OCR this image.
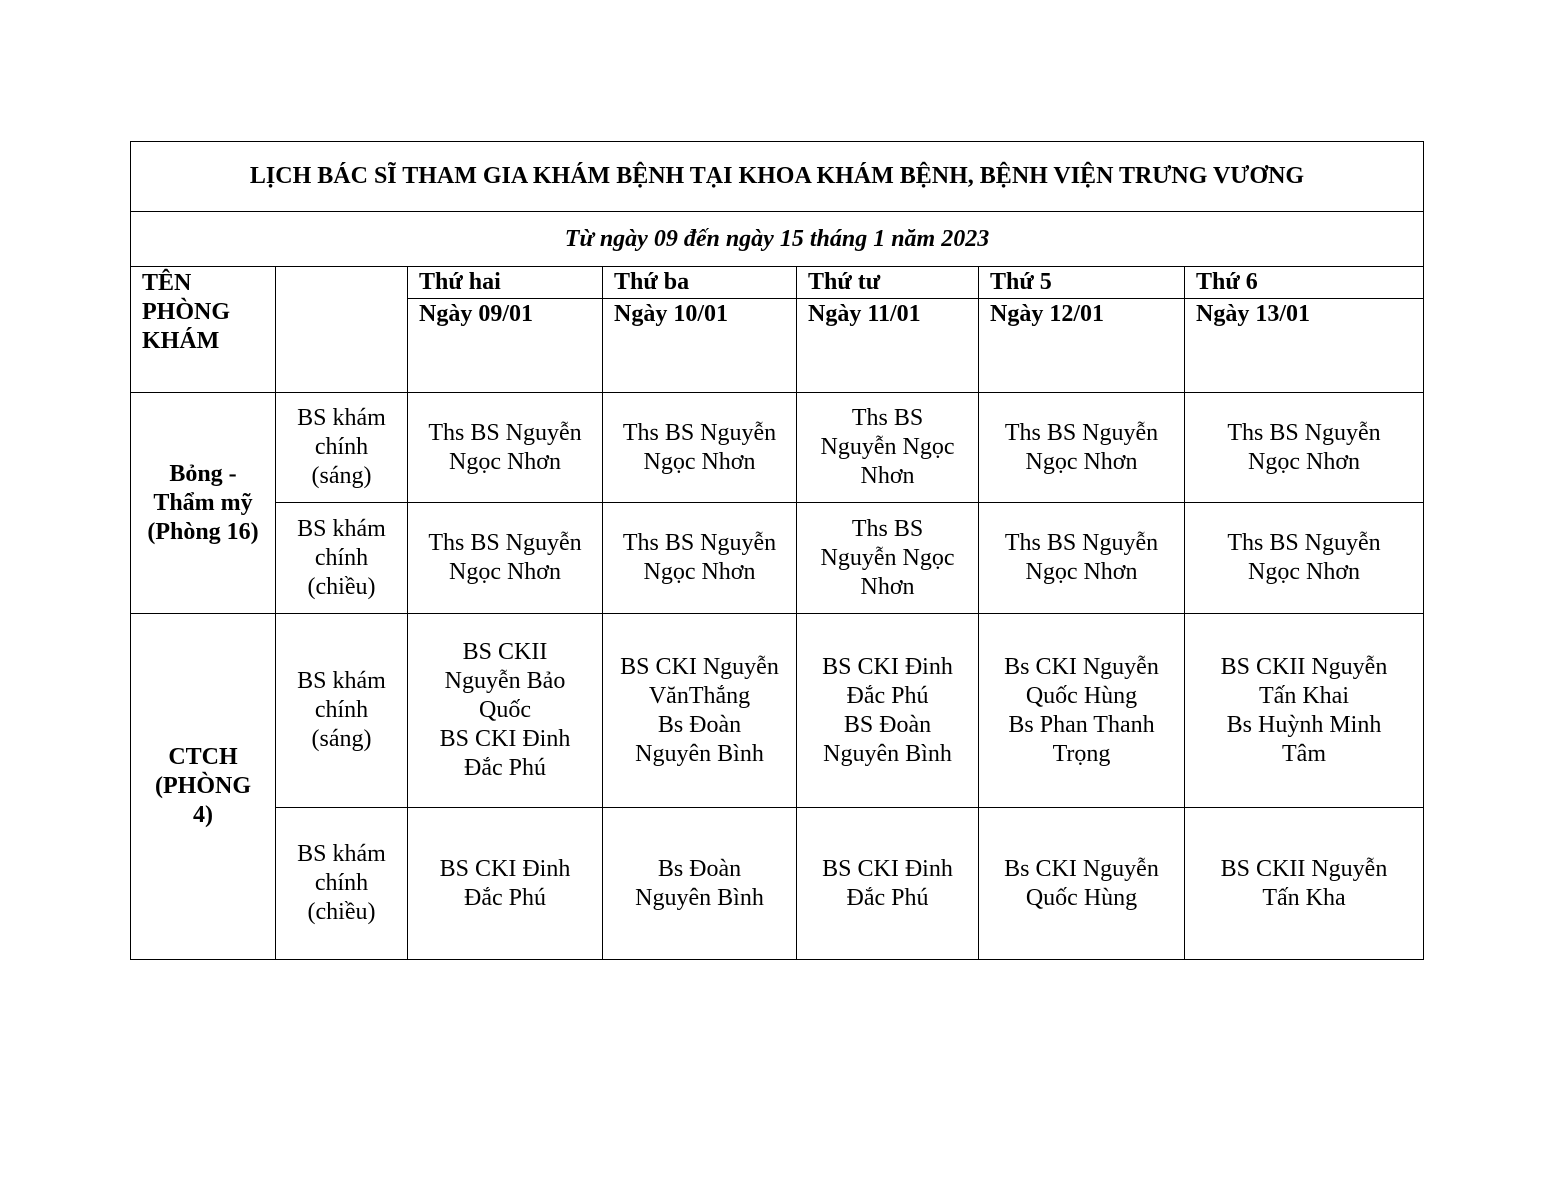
LỊCH BÁC SĨ THAM GIA KHÁM BỆNH TẠI KHOA KHÁM BỆNH, BỆNH VIỆN TRƯNG VƯƠNG						
Từ ngày 09 đến ngày 15 tháng 1 năm 2023						

TÊN
PHÒNG
KHÁM		Thứ hai	Thứ ba	Thứ tư	Thứ 5	Thứ 6
		Ngày 09/01	Ngày 10/01	Ngày 11/01	Ngày 12/01	Ngày 13/01

Bỏng -
Thẩm mỹ
(Phòng 16)	BS khám
chính
(sáng)	Ths BS Nguyễn
Ngọc Nhơn	Ths BS Nguyễn
Ngọc Nhơn	Ths BS
Nguyễn Ngọc
Nhơn	Ths BS Nguyễn
Ngọc Nhơn	Ths BS Nguyễn
Ngọc Nhơn

	BS khám
chính
(chiều)	Ths BS Nguyễn
Ngọc Nhơn	Ths BS Nguyễn
Ngọc Nhơn	Ths BS
Nguyễn Ngọc
Nhơn	Ths BS Nguyễn
Ngọc Nhơn	Ths BS Nguyễn
Ngọc Nhơn

CTCH
(PHÒNG
4)	BS khám
chính
(sáng)	BS CKII
Nguyễn Bảo
Quốc
BS CKI Đinh
Đắc Phú	BS CKI Nguyễn
VănThắng
Bs Đoàn
Nguyên Bình	BS CKI Đinh
Đắc Phú
BS Đoàn
Nguyên Bình	Bs CKI Nguyễn
Quốc Hùng
Bs Phan Thanh
Trọng	BS CKII Nguyễn
Tấn Khai
Bs Huỳnh Minh
Tâm

	BS khám
chính
(chiều)	BS CKI Đinh
Đắc Phú	Bs Đoàn
Nguyên Bình	BS CKI Đinh
Đắc Phú	Bs CKI Nguyễn
Quốc Hùng	BS CKII Nguyễn
Tấn Kha
